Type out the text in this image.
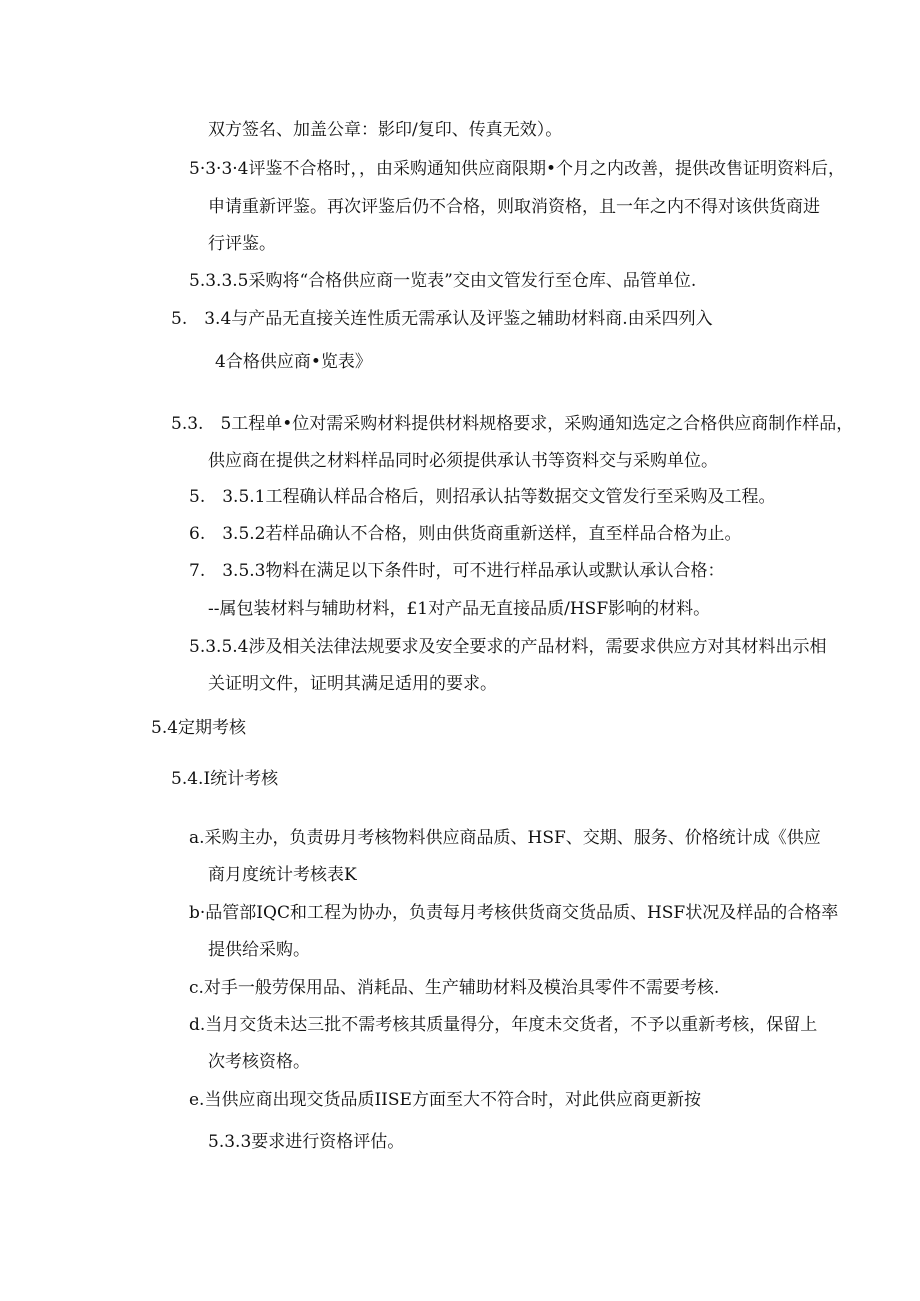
双方签名、加盖公章：影印/复印、传真无效）。
5·3·3·4评鉴不合格时，，由采购通知供应商限期•个月之内改善，提供改售证明资料后，
申请重新评鉴。再次评鉴后仍不合格，则取消资格，且一年之内不得对该供货商进
行评鉴。
5.3.3.5采购将“合格供应商一览表”交由文管发行至仓库、品管单位.
5.　3.4与产品无直接关连性质无需承认及评鉴之辅助材料商.由采四列入
4合格供应商•览表》
5.3.　5工程单•位对需采购材料提供材料规格要求，采购通知选定之合格供应商制作样品，
供应商在提供之材料样品同时必须提供承认书等资料交与采购单位。
5.　3.5.1工程确认样品合格后，则招承认拈等数据交文管发行至采购及工程。
6.　3.5.2若样品确认不合格，则由供货商重新送样，直至样品合格为止。
7.　3.5.3物料在满足以下条件时，可不进行样品承认或默认承认合格：
--属包装材料与辅助材料，£1对产品无直接品质/HSF影响的材料。
5.3.5.4涉及相关法律法规要求及安全要求的产品材料，需要求供应方对其材料出示相
关证明文件，证明其满足适用的要求。
5.4定期考核
5.4.I统计考核
a.采购主办，负责毋月考核物料供应商品质、HSF、交期、服务、价格统计成《供应
商月度统计考核表K
b·品管部IQC和工程为协办，负责每月考核供货商交货品质、HSF状况及样品的合格率
提供给采购。
c.对手一般劳保用品、消耗品、生产辅助材料及模治具零件不需要考核.
d.当月交货未达三批不需考核其质量得分，年度未交货者，不予以重新考核，保留上
次考核资格。
e.当供应商出现交货品质IISE方面至大不符合时，对此供应商更新按
5.3.3要求进行资格评估。
